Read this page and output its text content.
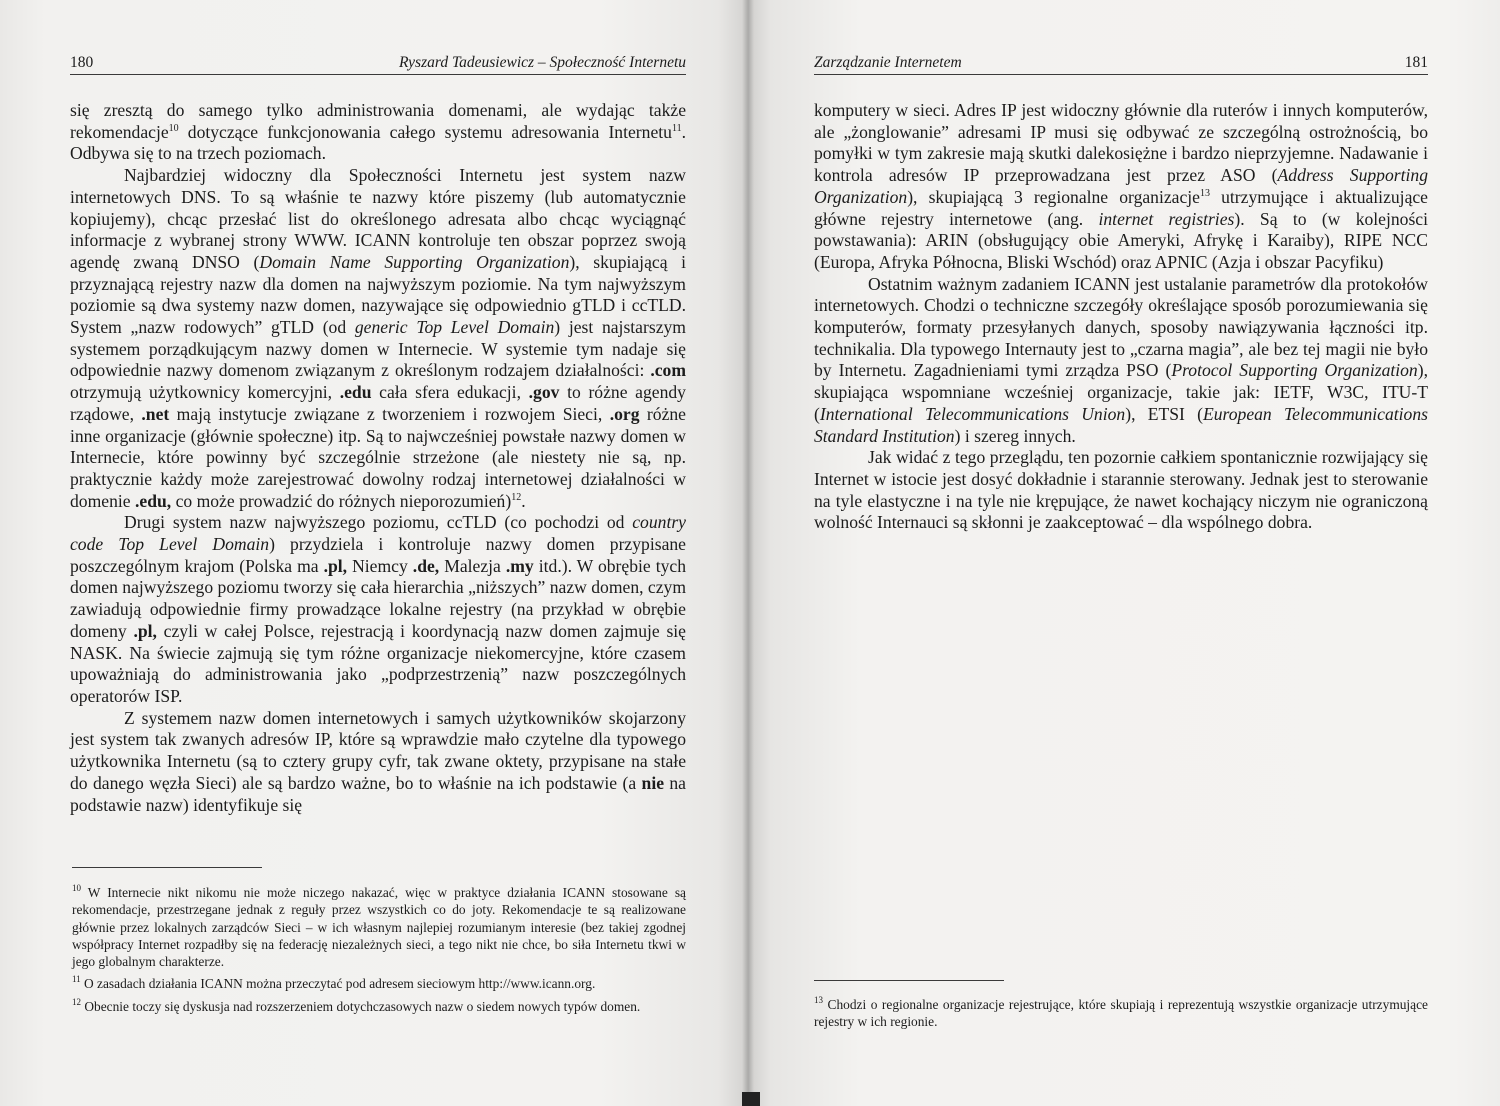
180	Ryszard Tadeusiewicz – Społeczność Internetu

się zresztą do samego tylko administrowania domenami, ale wydając także rekomendacje$^{10}$ dotyczące funkcjonowania całego systemu adresowania Internetu$^{11}$. Odbywa się to na trzech poziomach.

Najbardziej widoczny dla Społeczności Internetu jest system nazw internetowych DNS. To są właśnie te nazwy które piszemy (lub automatycznie kopiujemy), chcąc przesłać list do określonego adresata albo chcąc wyciągnąć informacje z wybranej strony WWW. ICANN kontroluje ten obszar poprzez swoją agendę zwaną DNSO (Domain Name Supporting Organization), skupiającą i przyznającą rejestry nazw dla domen na najwyższym poziomie. Na tym najwyższym poziomie są dwa systemy nazw domen, nazywające się odpowiednio gTLD i ccTLD. System „nazw rodowych” gTLD (od generic Top Level Domain) jest najstarszym systemem porządkującym nazwy domen w Internecie. W systemie tym nadaje się odpowiednie nazwy domenom związanym z określonym rodzajem działalności: .com otrzymują użytkownicy komercyjni, .edu cała sfera edukacji, .gov to różne agendy rządowe, .net mają instytucje związane z tworzeniem i rozwojem Sieci, .org różne inne organizacje (głównie społeczne) itp. Są to najwcześniej powstałe nazwy domen w Internecie, które powinny być szczególnie strzeżone (ale niestety nie są, np. praktycznie każdy może zarejestrować dowolny rodzaj internetowej działalności w domenie .edu, co może prowadzić do różnych nieporozumień)$^{12}$.

Drugi system nazw najwyższego poziomu, ccTLD (co pochodzi od country code Top Level Domain) przydziela i kontroluje nazwy domen przypisane poszczególnym krajom (Polska ma .pl, Niemcy .de, Malezja .my itd.). W obrębie tych domen najwyższego poziomu tworzy się cała hierarchia „niższych” nazw domen, czym zawiadują odpowiednie firmy prowadzące lokalne rejestry (na przykład w obrębie domeny .pl, czyli w całej Polsce, rejestracją i koordynacją nazw domen zajmuje się NASK. Na świecie zajmują się tym różne organizacje niekomercyjne, które czasem upoważniają do administrowania jako „podprzestrzenią” nazw poszczególnych operatorów ISP.

Z systemem nazw domen internetowych i samych użytkowników skojarzony jest system tak zwanych adresów IP, które są wprawdzie mało czytelne dla typowego użytkownika Internetu (są to cztery grupy cyfr, tak zwane oktety, przypisane na stałe do danego węzła Sieci) ale są bardzo ważne, bo to właśnie na ich podstawie (a nie na podstawie nazw) identyfikuje się

$^{10}$ W Internecie nikt nikomu nie może niczego nakazać, więc w praktyce działania ICANN stosowane są rekomendacje, przestrzegane jednak z reguły przez wszystkich co do joty. Rekomendacje te są realizowane głównie przez lokalnych zarządców Sieci – w ich własnym najlepiej rozumianym interesie (bez takiej zgodnej współpracy Internet rozpadłby się na federację niezależnych sieci, a tego nikt nie chce, bo siła Internetu tkwi w jego globalnym charakterze.

$^{11}$ O zasadach działania ICANN można przeczytać pod adresem sieciowym http://www.icann.org.

$^{12}$ Obecnie toczy się dyskusja nad rozszerzeniem dotychczasowych nazw o siedem nowych typów domen.

Zarządzanie Internetem	181

komputery w sieci. Adres IP jest widoczny głównie dla ruterów i innych komputerów, ale „żonglowanie” adresami IP musi się odbywać ze szczególną ostrożnością, bo pomyłki w tym zakresie mają skutki dalekosiężne i bardzo nieprzyjemne. Nadawanie i kontrola adresów IP przeprowadzana jest przez ASO (Address Supporting Organization), skupiającą 3 regionalne organizacje$^{13}$ utrzymujące i aktualizujące główne rejestry internetowe (ang. internet registries). Są to (w kolejności powstawania): ARIN (obsługujący obie Ameryki, Afrykę i Karaiby), RIPE NCC (Europa, Afryka Północna, Bliski Wschód) oraz APNIC (Azja i obszar Pacyfiku)

Ostatnim ważnym zadaniem ICANN jest ustalanie parametrów dla protokołów internetowych. Chodzi o techniczne szczegóły określające sposób porozumiewania się komputerów, formaty przesyłanych danych, sposoby nawiązywania łączności itp. technikalia. Dla typowego Internauty jest to „czarna magia”, ale bez tej magii nie było by Internetu. Zagadnieniami tymi zrządza PSO (Protocol Supporting Organization), skupiająca wspomniane wcześniej organizacje, takie jak: IETF, W3C, ITU-T (International Telecommunications Union), ETSI (European Telecommunications Standard Institution) i szereg innych.

Jak widać z tego przeglądu, ten pozornie całkiem spontanicznie rozwijający się Internet w istocie jest dosyć dokładnie i starannie sterowany. Jednak jest to sterowanie na tyle elastyczne i na tyle nie krępujące, że nawet kochający niczym nie ograniczoną wolność Internauci są skłonni je zaakceptować – dla wspólnego dobra.

$^{13}$ Chodzi o regionalne organizacje rejestrujące, które skupiają i reprezentują wszystkie organizacje utrzymujące rejestry w ich regionie.
